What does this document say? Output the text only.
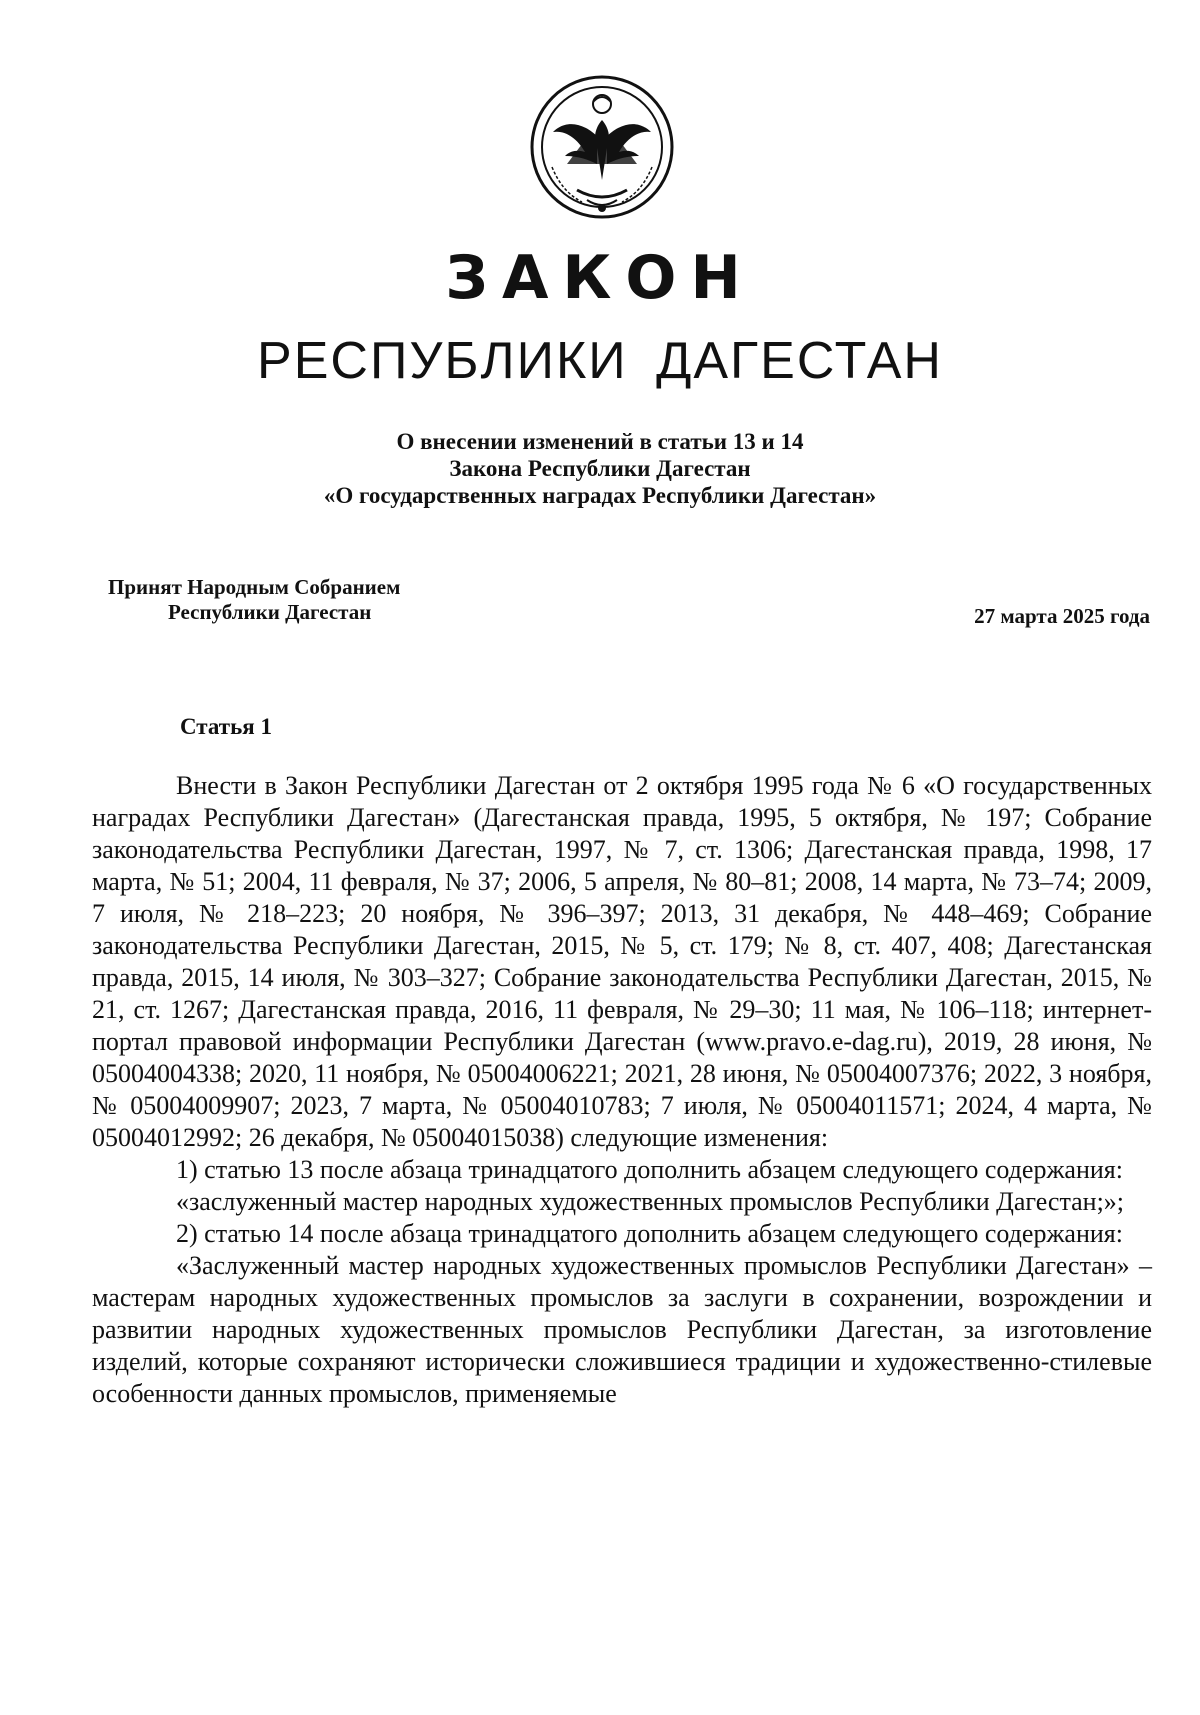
ЗАКОН
РЕСПУБЛИКИ ДАГЕСТАН
О внесении изменений в статьи 13 и 14
Закона Республики Дагестан
«О государственных наградах Республики Дагестан»
Принят Народным Собранием
Республики Дагестан	27 марта 2025 года
Статья 1

Внести в Закон Республики Дагестан от 2 октября 1995 года № 6 «О государственных наградах Республики Дагестан» (Дагестанская правда, 1995, 5 октября, № 197; Собрание законодательства Республики Дагестан, 1997, № 7, ст. 1306; Дагестанская правда, 1998, 17 марта, № 51; 2004, 11 февраля, № 37; 2006, 5 апреля, № 80–81; 2008, 14 марта, № 73–74; 2009, 7 июля, № 218–223; 20 ноября, № 396–397; 2013, 31 декабря, № 448–469; Собрание законодательства Республики Дагестан, 2015, № 5, ст. 179; № 8, ст. 407, 408; Дагестанская правда, 2015, 14 июля, № 303–327; Собрание законодательства Республики Дагестан, 2015, № 21, ст. 1267; Дагестанская правда, 2016, 11 февраля, № 29–30; 11 мая, № 106–118; интернет-портал правовой информации Республики Дагестан (www.pravo.e-dag.ru), 2019, 28 июня, № 05004004338; 2020, 11 ноября, № 05004006221; 2021, 28 июня, № 05004007376; 2022, 3 ноября, № 05004009907; 2023, 7 марта, № 05004010783; 7 июля, № 05004011571; 2024, 4 марта, № 05004012992; 26 декабря, № 05004015038) следующие изменения:

1) статью 13 после абзаца тринадцатого дополнить абзацем следующего содержания:

«заслуженный мастер народных художественных промыслов Республики Дагестан;»;

2) статью 14 после абзаца тринадцатого дополнить абзацем следующего содержания:

«Заслуженный мастер народных художественных промыслов Республики Дагестан» – мастерам народных художественных промыслов за заслуги в сохранении, возрождении и развитии народных художественных промыслов Республики Дагестан, за изготовление изделий, которые сохраняют исторически сложившиеся традиции и художественно-стилевые особенности данных промыслов, применяемые
